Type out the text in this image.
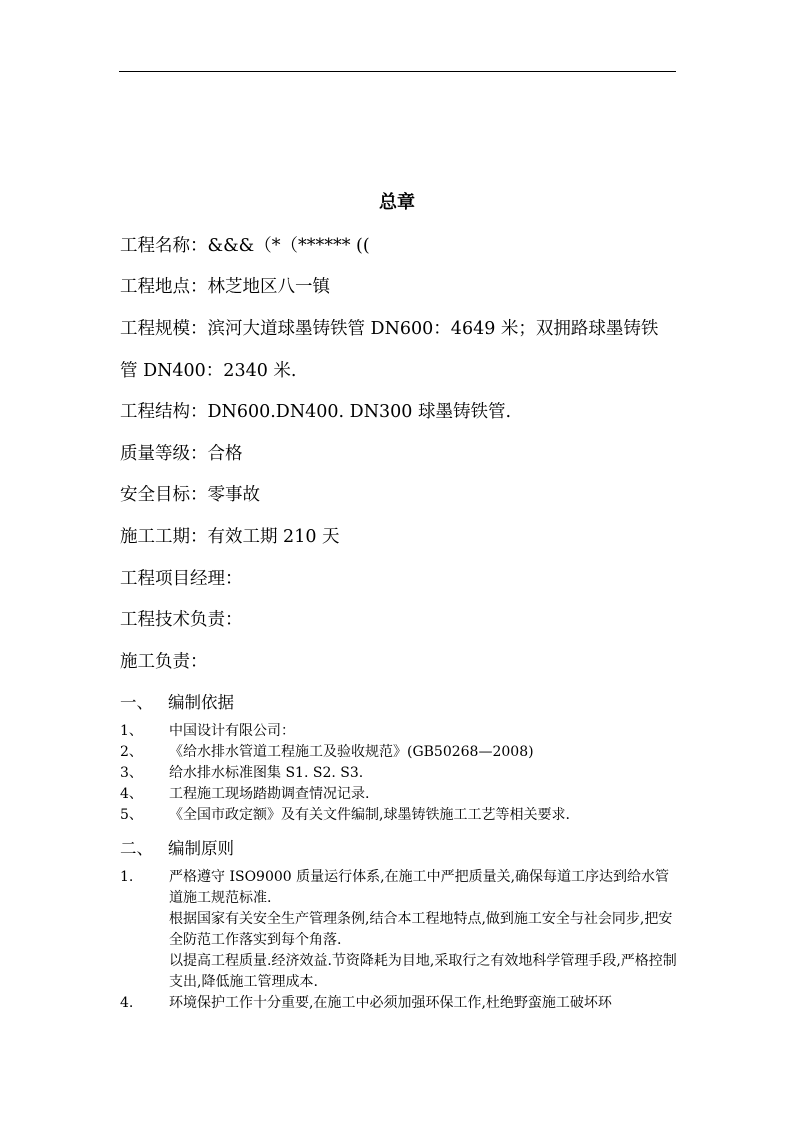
总章
工程名称：&&&（*（****** ((
工程地点：林芝地区八一镇
工程规模：滨河大道球墨铸铁管 DN600：4649 米；双拥路球墨铸铁
管 DN400：2340 米.
工程结构：DN600.DN400. DN300 球墨铸铁管.
质量等级：合格
安全目标：零事故
施工工期：有效工期 210 天
工程项目经理：
工程技术负责：
施工负责：
一、 编制依据
1、 中国设计有限公司：
2、 《给水排水管道工程施工及验收规范》(GB50268—2008)
3、 给水排水标准图集 S1. S2. S3.
4、 工程施工现场踏勘调查情况记录.
5、 《全国市政定额》及有关文件编制,球墨铸铁施工工艺等相关要求.
二、 编制原则
1.	严格遵守 ISO9000 质量运行体系,在施工中严把质量关,确保每道工序达到给水管道施工规范标准.
根据国家有关安全生产管理条例,结合本工程地特点,做到施工安全与社会同步,把安全防范工作落实到每个角落.
以提高工程质量.经济效益.节资降耗为目地,采取行之有效地科学管理手段,严格控制支出,降低施工管理成本.
4.	环境保护工作十分重要,在施工中必须加强环保工作,杜绝野蛮施工破坏环
